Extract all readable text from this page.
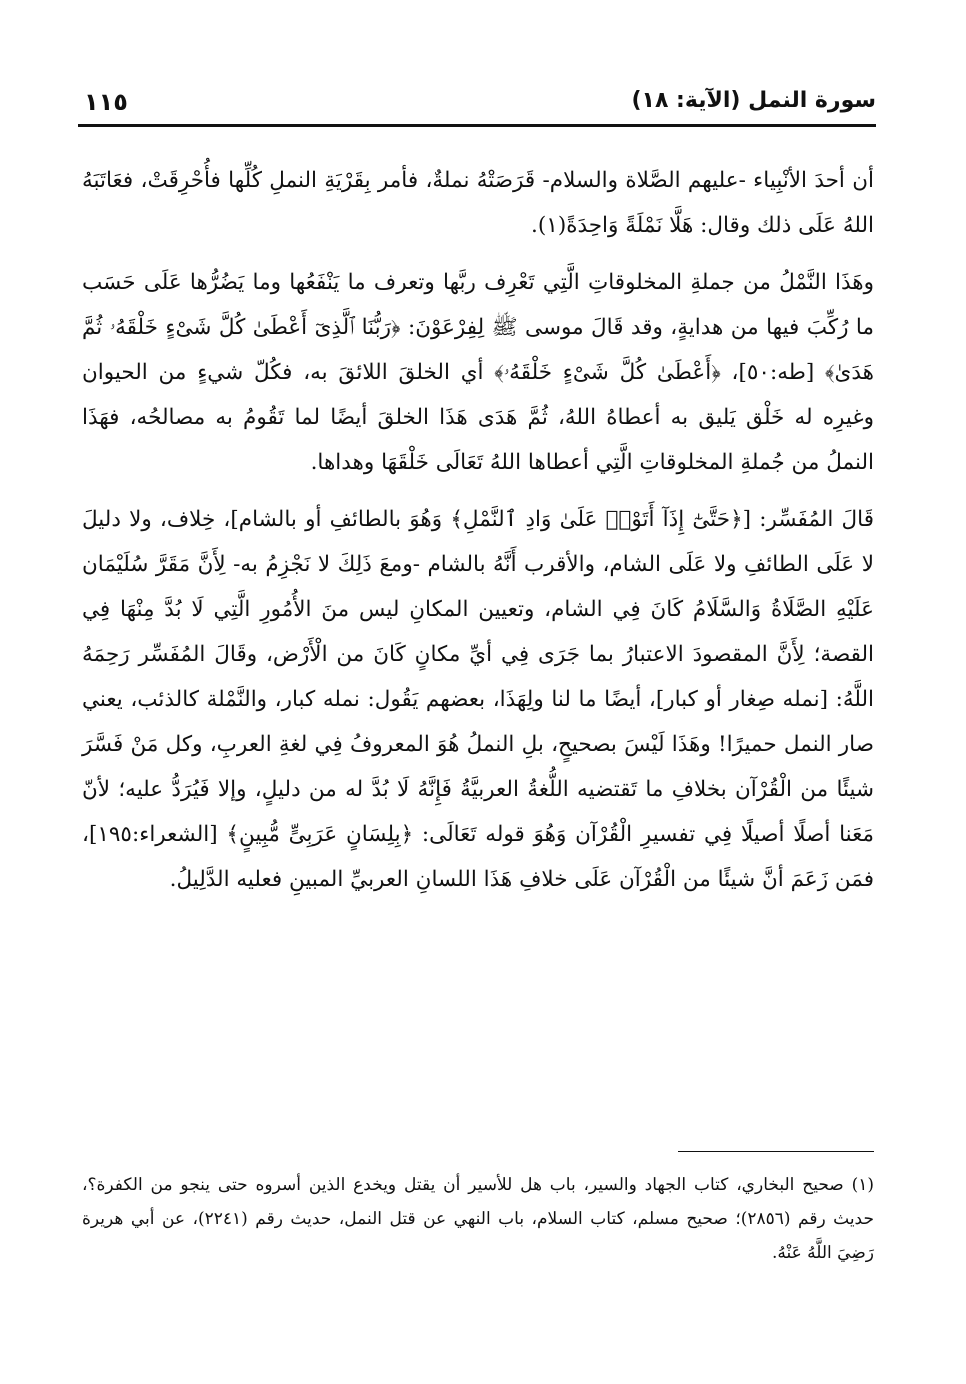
١١٥	سورة النمل (الآية: ١٨)

أن أحدَ الأنْبِياء -عليهم الصَّلاة والسلام- قَرَصَتْهُ نملةٌ، فأمر بِقَرْيَةِ النملِ كُلِّها فأُحْرِقَتْ، فعَاتَبَهُ اللهُ عَلَى ذلك وقال: هَلَّا نَمْلَةً وَاحِدَةً(١).

وهَذَا النَّمْلُ من جملةِ المخلوقاتِ الَّتِي تَعْرِف ربَّها وتعرف ما يَنْفَعُها وما يَضُرُّها عَلَى حَسَب ما رُكِّبَ فيها من هدايةٍ، وقد قَالَ موسى ﷺ لِفِرْعَوْنَ: ﴿رَبُّنَا ٱلَّذِىٓ أَعْطَىٰ كُلَّ شَىْءٍ خَلْقَهُۥ ثُمَّ هَدَىٰ﴾ [طه:٥٠]، ﴿أَعْطَىٰ كُلَّ شَىْءٍ خَلْقَهُۥ﴾ أي الخلقَ اللائقَ به، فكُلّ شيءٍ من الحيوان وغيرِه له خَلْق يَليق به أعطاهُ اللهُ، ثُمَّ هَدَى هَذَا الخلقَ أيضًا لما تَقُومُ به مصالحُه، فهَذَا النملُ من جُملةِ المخلوقاتِ الَّتِي أعطاها اللهُ تَعَالَى خَلْقَهَا وهداها.

قَالَ المُفَسِّر: [﴿حَتَّىٰٓ إِذَآ أَتَوْا۟ عَلَىٰ وَادِ ٱلنَّمْلِ﴾ وَهُوَ بالطائفِ أو بالشام]، خِلاف، ولا دليلَ لا عَلَى الطائفِ ولا عَلَى الشام، والأقرب أَنَّهُ بالشام -ومعَ ذَلِكَ لا نَجْزِمُ به- لِأَنَّ مَقَرَّ سُلَيْمَان عَلَيْهِ الصَّلَاةُ وَالسَّلَامُ كَانَ فِي الشام، وتعيين المكانِ ليس منَ الأُمُورِ الَّتِي لَا بُدَّ مِنْهَا فِي القصة؛ لِأَنَّ المقصودَ الاعتبارُ بما جَرَى فِي أيِّ مكانٍ كَانَ من الْأَرْض، وقَالَ المُفَسِّر رَحِمَهُ اللَّهُ: [نمله صِغار أو كبار]، أيضًا ما لنا ولِهَذَا، بعضهم يَقُول: نمله كبار، والنَّمْلة كالذئب، يعني صار النمل حميرًا! وهَذَا لَيْسَ بصحيحٍ، بلِ النملُ هُوَ المعروفُ فِي لغةِ العربِ، وكل مَنْ فَسَّرَ شيئًا من الْقُرْآن بخلافِ ما تَقتضيه اللُّغةُ العربيَّةُ فَإِنَّهُ لَا بُدَّ له من دليلٍ، وإلا فَيُرَدُّ عليه؛ لأنّ مَعَنا أصلًا أصيلًا فِي تفسيرِ الْقُرْآن وَهُوَ قوله تَعَالَى: ﴿بِلِسَانٍ عَرَبِىٍّ مُّبِينٍ﴾ [الشعراء:١٩٥]، فمَن زَعَمَ أنَّ شيئًا من الْقُرْآن عَلَى خلافِ هَذَا اللسانِ العربيِّ المبينِ فعليه الدَّلِيلُ.

(١) صحيح البخاري، كتاب الجهاد والسير، باب هل للأسير أن يقتل ويخدع الذين أسروه حتى ينجو من الكفرة؟، حديث رقم (٢٨٥٦)؛ صحيح مسلم، كتاب السلام، باب النهي عن قتل النمل، حديث رقم (٢٢٤١)، عن أبي هريرة رَضِيَ اللَّهُ عَنْهُ.
